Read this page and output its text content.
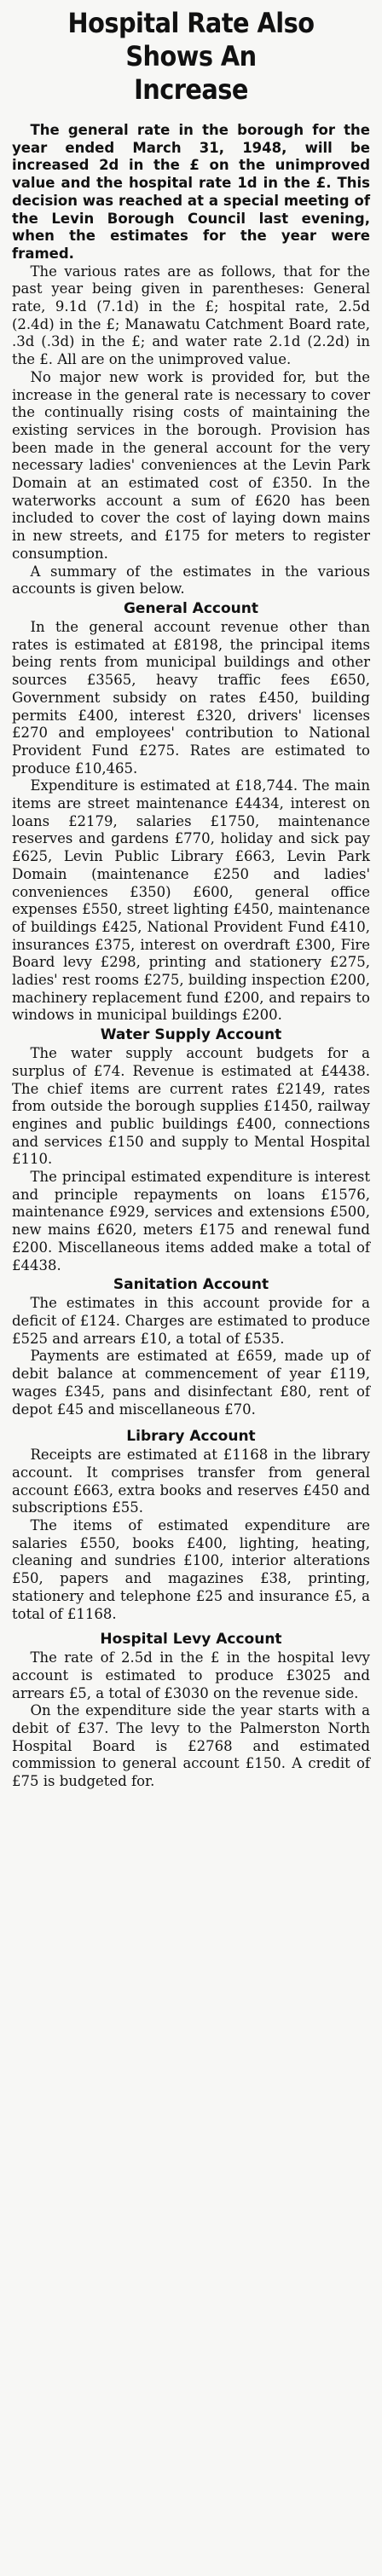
Hospital Rate Also Shows An
Increase

The general rate in the borough for the year ended March 31, 1948, will be increased 2d in the £ on the unimproved value and the hospital rate 1d in the £. This decision was reached at a special meeting of the Levin Borough Council last evening, when the estimates for the year were framed.

The various rates are as follows, that for the past year being given in parentheses: General rate, 9.1d (7.1d) in the £; hospital rate, 2.5d (2.4d) in the £; Manawatu Catchment Board rate, .3d (.3d) in the £; and water rate 2.1d (2.2d) in the £. All are on the unimproved value.

No major new work is provided for, but the increase in the general rate is necessary to cover the continually rising costs of maintaining the existing services in the borough. Provision has been made in the general account for the very necessary ladies' conveniences at the Levin Park Domain at an estimated cost of £350. In the waterworks account a sum of £620 has been included to cover the cost of laying down mains in new streets, and £175 for meters to register consumption.

A summary of the estimates in the various accounts is given below.

General Account

In the general account revenue other than rates is estimated at £8198, the principal items being rents from municipal buildings and other sources £3565, heavy traffic fees £650, Government subsidy on rates £450, building permits £400, interest £320, drivers' licenses £270 and employees' contribution to National Provident Fund £275. Rates are estimated to produce £10,465.

Expenditure is estimated at £18,744. The main items are street maintenance £4434, interest on loans £2179, salaries £1750, maintenance reserves and gardens £770, holiday and sick pay £625, Levin Public Library £663, Levin Park Domain (maintenance £250 and ladies' conveniences £350) £600, general office expenses £550, street lighting £450, maintenance of buildings £425, National Provident Fund £410, insurances £375, interest on overdraft £300, Fire Board levy £298, printing and stationery £275, ladies' rest rooms £275, building inspection £200, machinery replacement fund £200, and repairs to windows in municipal buildings £200.

Water Supply Account

The water supply account budgets for a surplus of £74. Revenue is estimated at £4438. The chief items are current rates £2149, rates from outside the borough supplies £1450, railway engines and public buildings £400, connections and services £150 and supply to Mental Hospital £110.

The principal estimated expenditure is interest and principle repayments on loans £1576, maintenance £929, services and extensions £500, new mains £620, meters £175 and renewal fund £200. Miscellaneous items added make a total of £4438.

Sanitation Account

The estimates in this account provide for a deficit of £124. Charges are estimated to produce £525 and arrears £10, a total of £535.

Payments are estimated at £659, made up of debit balance at commencement of year £119, wages £345, pans and disinfectant £80, rent of depot £45 and miscellaneous £70.

Library Account

Receipts are estimated at £1168 in the library account. It comprises transfer from general account £663, extra books and reserves £450 and subscriptions £55.

The items of estimated expenditure are salaries £550, books £400, lighting, heating, cleaning and sundries £100, interior alterations £50, papers and magazines £38, printing, stationery and telephone £25 and insurance £5, a total of £1168.

Hospital Levy Account

The rate of 2.5d in the £ in the hospital levy account is estimated to produce £3025 and arrears £5, a total of £3030 on the revenue side.

On the expenditure side the year starts with a debit of £37. The levy to the Palmerston North Hospital Board is £2768 and estimated commission to general account £150. A credit of £75 is budgeted for.
